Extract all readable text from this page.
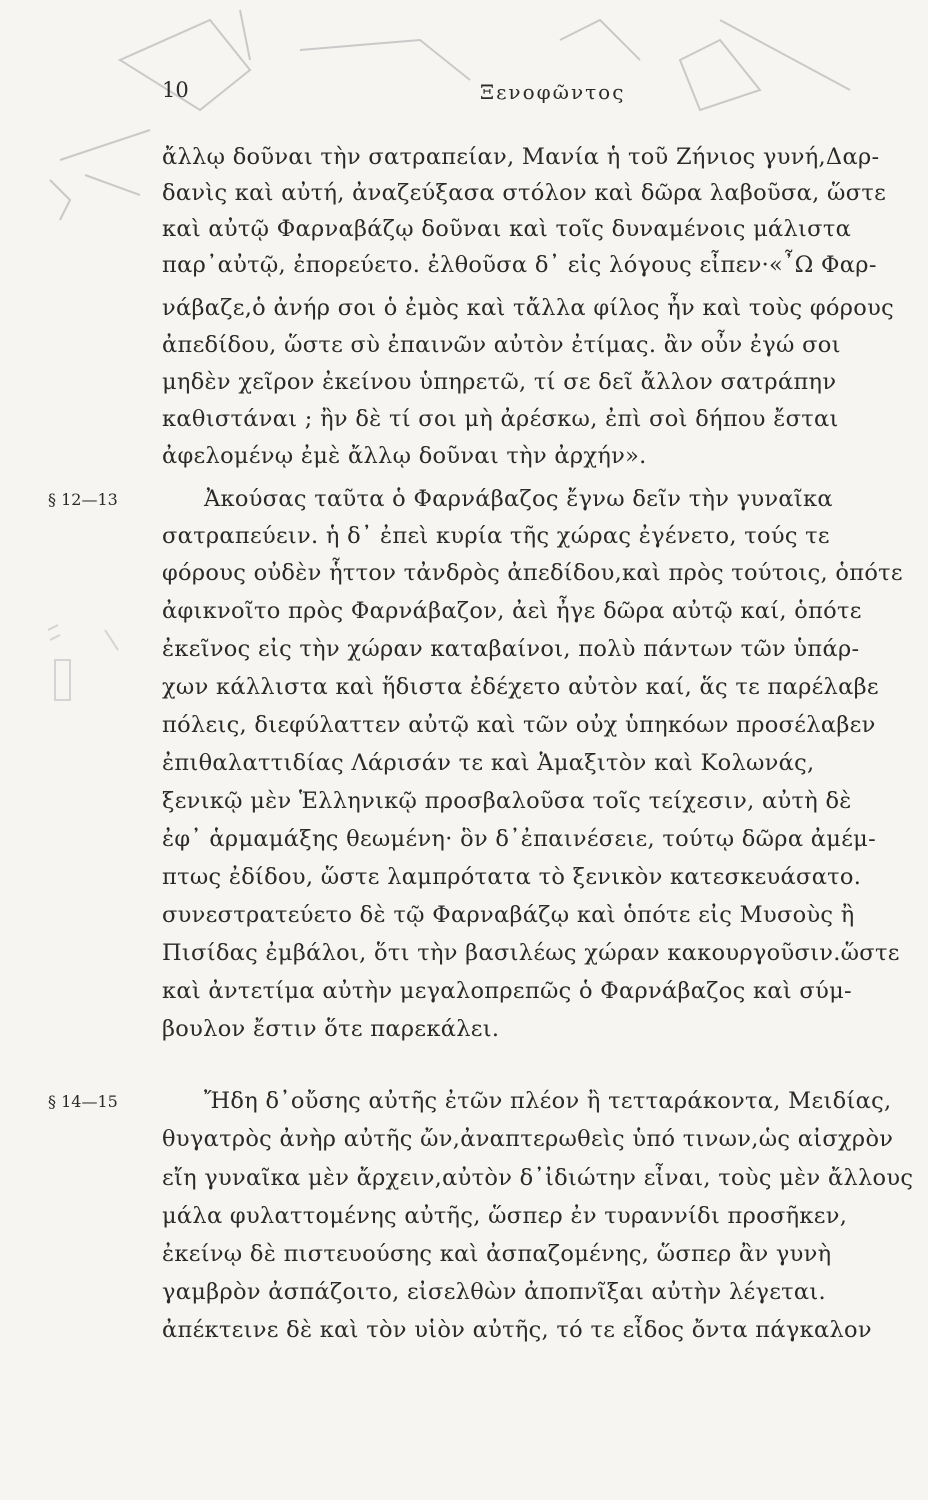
10	Ξενοφῶντος
§ 12—13
§ 14—15
ἄλλῳ δοῦναι τὴν σατραπείαν, Μανία ἡ τοῦ Ζήνιος γυνή,Δαρ-
δανὶς καὶ αὐτή, ἀναζεύξασα στόλον καὶ δῶρα λαβοῦσα, ὥστε
καὶ αὐτῷ Φαρναβάζῳ δοῦναι καὶ τοῖς δυναμένοις μάλιστα
παρ᾽αὐτῷ, ἐπορεύετο. ἐλθοῦσα δ᾽ εἰς λόγους εἶπεν·«῏Ω Φαρ-
νάβαζε,ὁ ἀνήρ σοι ὁ ἐμὸς καὶ τἄλλα φίλος ἦν καὶ τοὺς φόρους
ἀπεδίδου, ὥστε σὺ ἐπαινῶν αὐτὸν ἐτίμας. ἂν οὖν ἐγώ σοι
μηδὲν χεῖρον ἐκείνου ὑπηρετῶ, τί σε δεῖ ἄλλον σατράπην
καθιστάναι ; ἢν δὲ τί σοι μὴ ἀρέσκω, ἐπὶ σοὶ δήπου ἔσται
ἀφελομένῳ ἐμὲ ἄλλῳ δοῦναι τὴν ἀρχήν».
Ἀκούσας ταῦτα ὁ Φαρνάβαζος ἔγνω δεῖν τὴν γυναῖκα
σατραπεύειν. ἡ δ᾽ ἐπεὶ κυρία τῆς χώρας ἐγένετο, τούς τε
φόρους οὐδὲν ἧττον τἀνδρὸς ἀπεδίδου,καὶ πρὸς τούτοις, ὁπότε
ἀφικνοῖτο πρὸς Φαρνάβαζον, ἀεὶ ἦγε δῶρα αὐτῷ καί, ὁπότε
ἐκεῖνος εἰς τὴν χώραν καταβαίνοι, πολὺ πάντων τῶν ὑπάρ-
χων κάλλιστα καὶ ἥδιστα ἐδέχετο αὐτὸν καί, ἅς τε παρέλαβε
πόλεις, διεφύλαττεν αὐτῷ καὶ τῶν οὐχ ὑπηκόων προσέλαβεν
ἐπιθαλαττιδίας Λάρισάν τε καὶ Ἁμαξιτὸν καὶ Κολωνάς,
ξενικῷ μὲν Ἑλληνικῷ προσβαλοῦσα τοῖς τείχεσιν, αὐτὴ δὲ
ἐφ᾽ ἁρμαμάξης θεωμένη· ὃν δ᾽ἐπαινέσειε, τούτῳ δῶρα ἀμέμ-
πτως ἐδίδου, ὥστε λαμπρότατα τὸ ξενικὸν κατεσκευάσατο.
συνεστρατεύετο δὲ τῷ Φαρναβάζῳ καὶ ὁπότε εἰς Μυσοὺς ἢ
Πισίδας ἐμβάλοι, ὅτι τὴν βασιλέως χώραν κακουργοῦσιν.ὥστε
καὶ ἀντετίμα αὐτὴν μεγαλοπρεπῶς ὁ Φαρνάβαζος καὶ σύμ-
βουλον ἔστιν ὅτε παρεκάλει.
Ἤδη δ᾽οὔσης αὐτῆς ἐτῶν πλέον ἢ τετταράκοντα, Μειδίας,
θυγατρὸς ἀνὴρ αὐτῆς ὤν,ἀναπτερωθεὶς ὑπό τινων,ὡς αἰσχρὸν
εἴη γυναῖκα μὲν ἄρχειν,αὐτὸν δ᾽ἰδιώτην εἶναι, τοὺς μὲν ἄλλους
μάλα φυλαττομένης αὐτῆς, ὥσπερ ἐν τυραννίδι προσῆκεν,
ἐκείνῳ δὲ πιστευούσης καὶ ἀσπαζομένης, ὥσπερ ἂν γυνὴ
γαμβρὸν ἀσπάζοιτο, εἰσελθὼν ἀποπνῖξαι αὐτὴν λέγεται.
ἀπέκτεινε δὲ καὶ τὸν υἱὸν αὐτῆς, τό τε εἶδος ὄντα πάγκαλον
